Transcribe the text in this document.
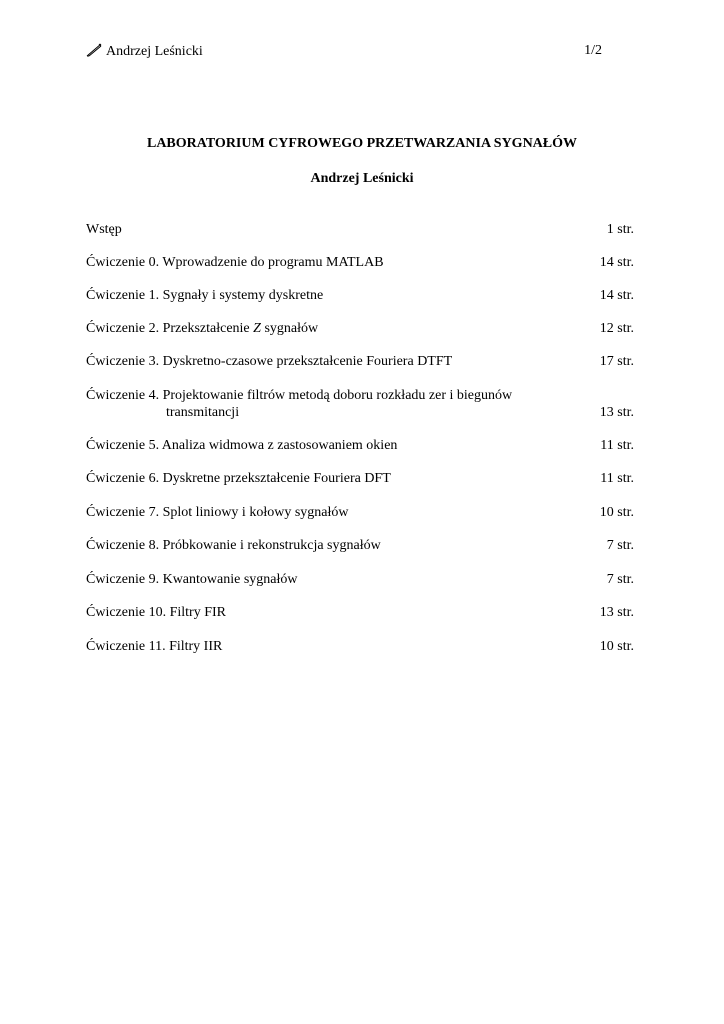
Andrzej Leśnicki	1/2
LABORATORIUM CYFROWEGO PRZETWARZANIA SYGNAŁÓW
Andrzej Leśnicki
Wstęp	1 str.
Ćwiczenie 0. Wprowadzenie do programu MATLAB	14 str.
Ćwiczenie 1. Sygnały i systemy dyskretne	14 str.
Ćwiczenie 2. Przekształcenie Z sygnałów	12 str.
Ćwiczenie 3. Dyskretno-czasowe przekształcenie Fouriera DTFT	17 str.
Ćwiczenie 4. Projektowanie filtrów metodą doboru rozkładu zer i biegunów
transmitancji	13 str.
Ćwiczenie 5. Analiza widmowa z zastosowaniem okien	11 str.
Ćwiczenie 6. Dyskretne przekształcenie Fouriera DFT	11 str.
Ćwiczenie 7. Splot liniowy i kołowy sygnałów	10 str.
Ćwiczenie 8. Próbkowanie i rekonstrukcja sygnałów	7 str.
Ćwiczenie 9. Kwantowanie sygnałów	7 str.
Ćwiczenie 10. Filtry FIR	13 str.
Ćwiczenie 11. Filtry IIR	10 str.
